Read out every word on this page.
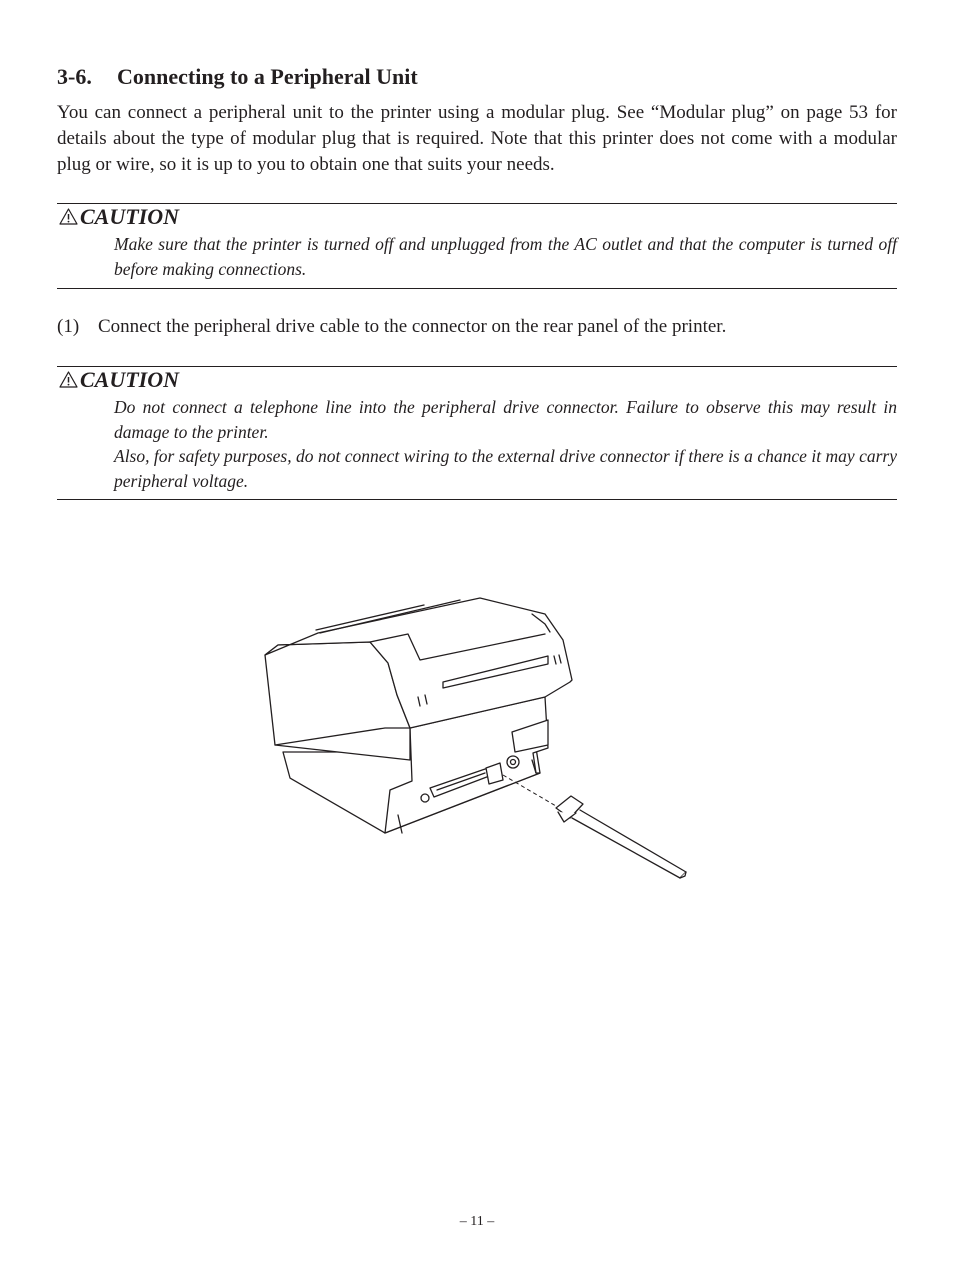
3-6. Connecting to a Peripheral Unit

You can connect a peripheral unit to the printer using a modular plug. See “Modular plug” on page 53 for details about the type of modular plug that is required. Note that this printer does not come with a modular plug or wire, so it is up to you to obtain one that suits your needs.

CAUTION

Make sure that the printer is turned off and unplugged from the AC outlet and that the computer is turned off before making connections.

(1) Connect the peripheral drive cable to the connector on the rear panel of the printer.

CAUTION

Do not connect a telephone line into the peripheral drive connector. Failure to observe this may result in damage to the printer.

Also, for safety purposes, do not connect wiring to the external drive connector if there is a chance it may carry peripheral voltage.

– 11 –
